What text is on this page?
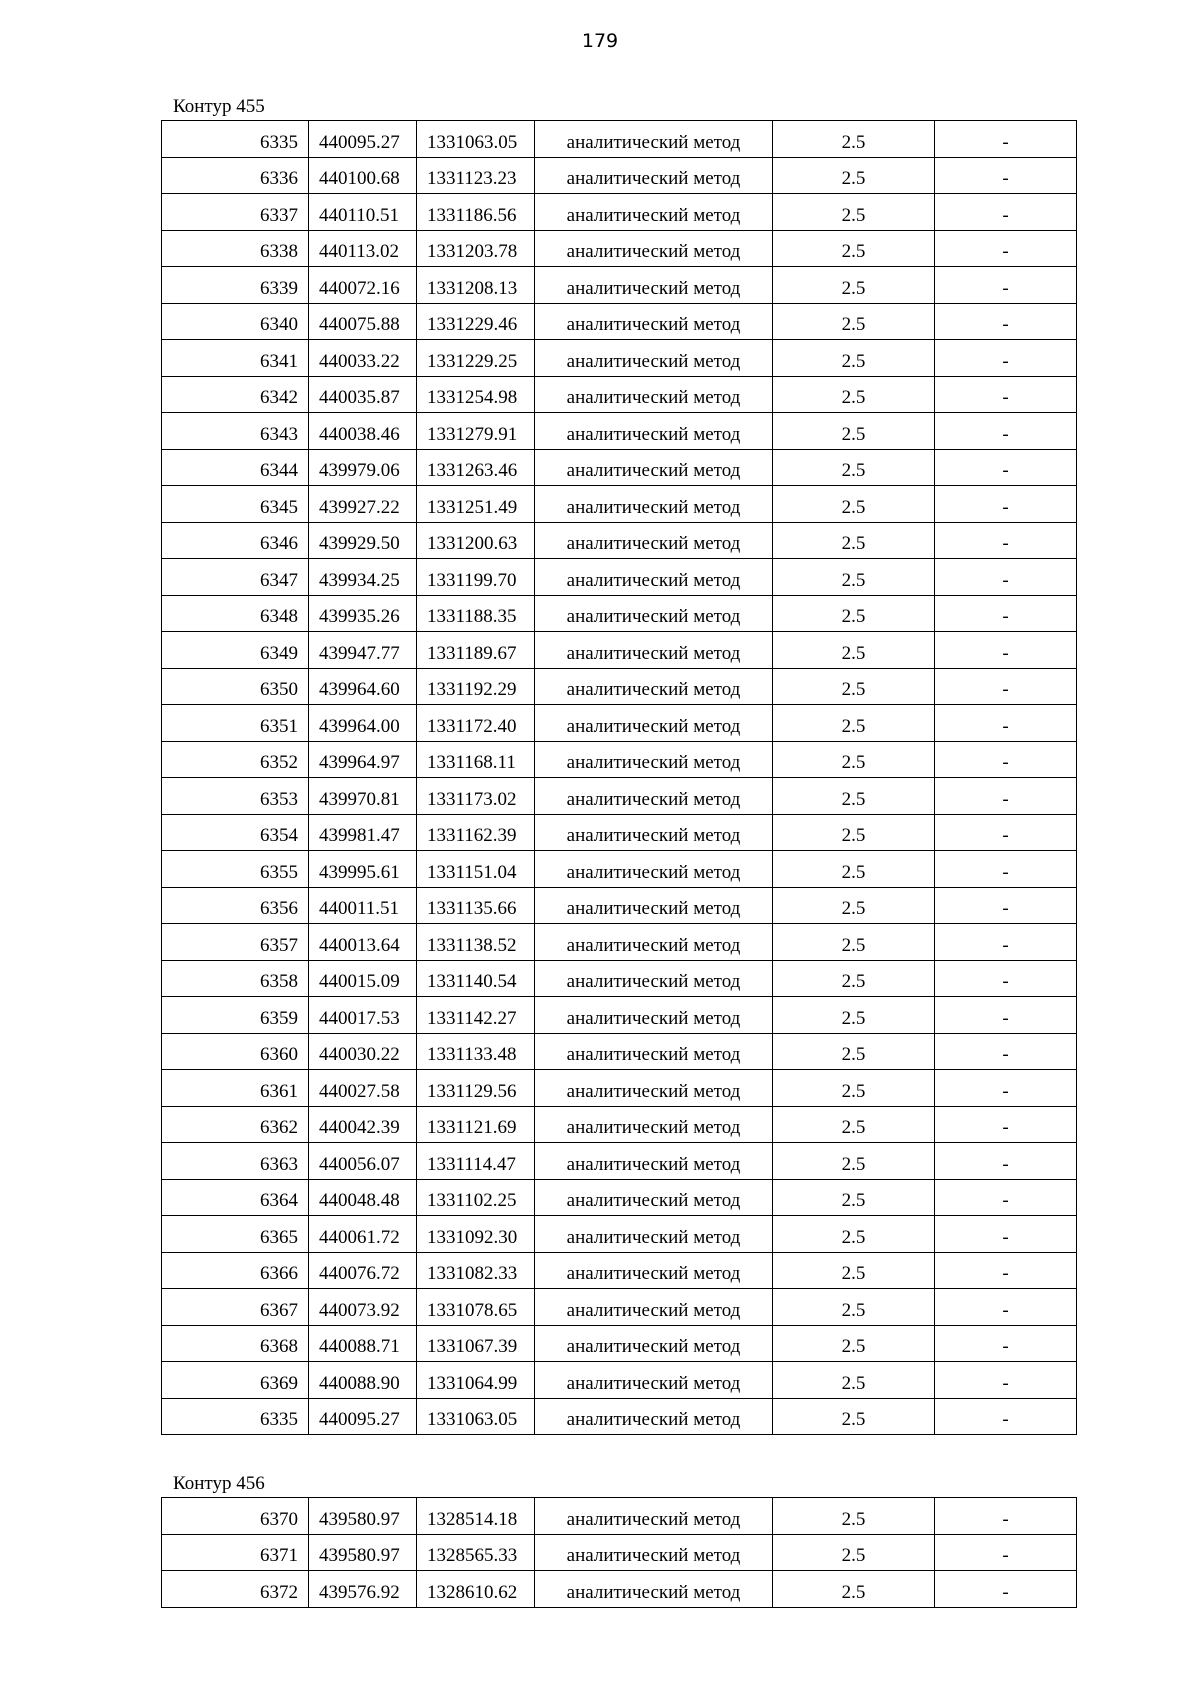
179
Контур 455
6335	440095.27	1331063.05	аналитический метод	2.5	-
6336	440100.68	1331123.23	аналитический метод	2.5	-
6337	440110.51	1331186.56	аналитический метод	2.5	-
6338	440113.02	1331203.78	аналитический метод	2.5	-
6339	440072.16	1331208.13	аналитический метод	2.5	-
6340	440075.88	1331229.46	аналитический метод	2.5	-
6341	440033.22	1331229.25	аналитический метод	2.5	-
6342	440035.87	1331254.98	аналитический метод	2.5	-
6343	440038.46	1331279.91	аналитический метод	2.5	-
6344	439979.06	1331263.46	аналитический метод	2.5	-
6345	439927.22	1331251.49	аналитический метод	2.5	-
6346	439929.50	1331200.63	аналитический метод	2.5	-
6347	439934.25	1331199.70	аналитический метод	2.5	-
6348	439935.26	1331188.35	аналитический метод	2.5	-
6349	439947.77	1331189.67	аналитический метод	2.5	-
6350	439964.60	1331192.29	аналитический метод	2.5	-
6351	439964.00	1331172.40	аналитический метод	2.5	-
6352	439964.97	1331168.11	аналитический метод	2.5	-
6353	439970.81	1331173.02	аналитический метод	2.5	-
6354	439981.47	1331162.39	аналитический метод	2.5	-
6355	439995.61	1331151.04	аналитический метод	2.5	-
6356	440011.51	1331135.66	аналитический метод	2.5	-
6357	440013.64	1331138.52	аналитический метод	2.5	-
6358	440015.09	1331140.54	аналитический метод	2.5	-
6359	440017.53	1331142.27	аналитический метод	2.5	-
6360	440030.22	1331133.48	аналитический метод	2.5	-
6361	440027.58	1331129.56	аналитический метод	2.5	-
6362	440042.39	1331121.69	аналитический метод	2.5	-
6363	440056.07	1331114.47	аналитический метод	2.5	-
6364	440048.48	1331102.25	аналитический метод	2.5	-
6365	440061.72	1331092.30	аналитический метод	2.5	-
6366	440076.72	1331082.33	аналитический метод	2.5	-
6367	440073.92	1331078.65	аналитический метод	2.5	-
6368	440088.71	1331067.39	аналитический метод	2.5	-
6369	440088.90	1331064.99	аналитический метод	2.5	-
6335	440095.27	1331063.05	аналитический метод	2.5	-
Контур 456
6370	439580.97	1328514.18	аналитический метод	2.5	-
6371	439580.97	1328565.33	аналитический метод	2.5	-
6372	439576.92	1328610.62	аналитический метод	2.5	-
